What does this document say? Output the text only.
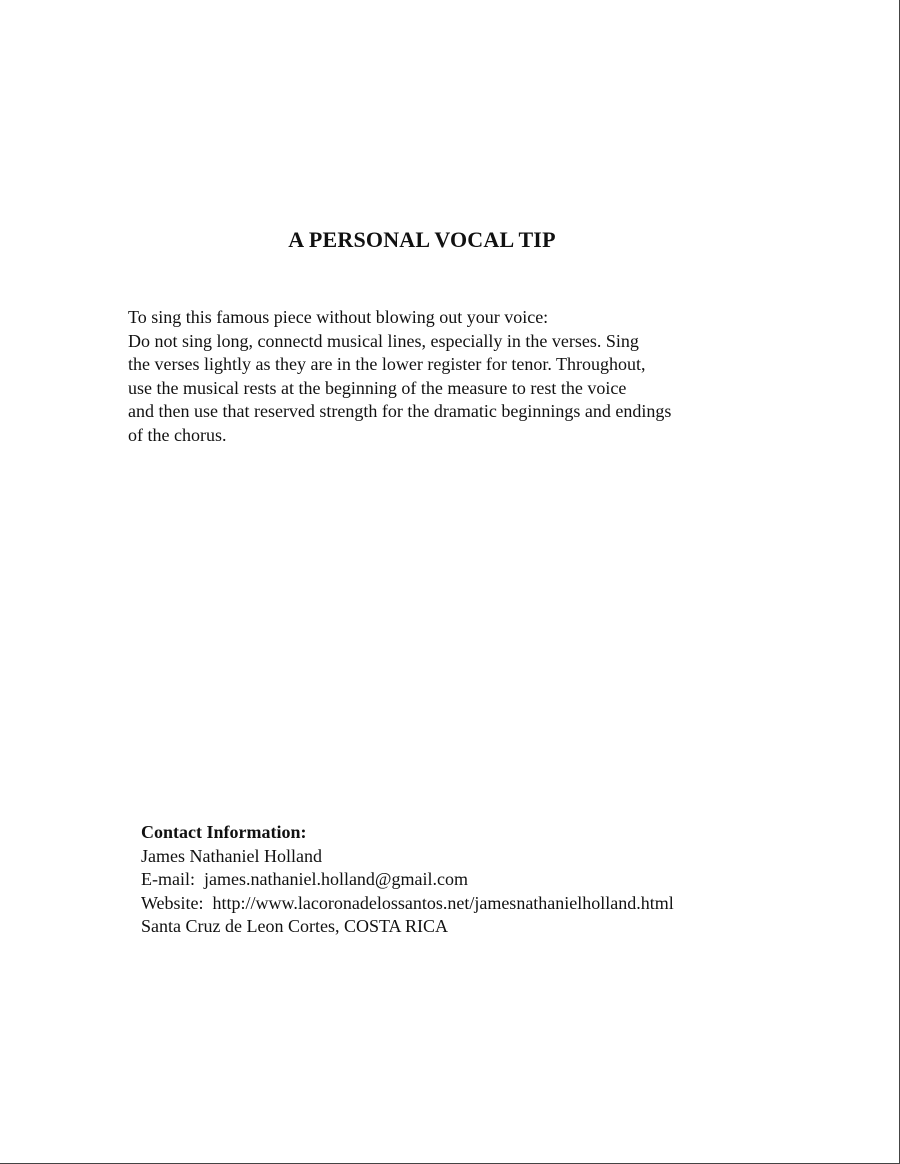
A PERSONAL VOCAL TIP
To sing this famous piece without blowing out your voice:
Do not sing long, connectd musical lines, especially in the verses. Sing
the verses lightly as they are in the lower register for tenor. Throughout,
use the musical rests at the beginning of the measure to rest the voice
and then use that reserved strength for the dramatic beginnings and endings
of the chorus.
Contact Information:
James Nathaniel Holland
E-mail: james.nathaniel.holland@gmail.com
Website: http://www.lacoronadelossantos.net/jamesnathanielholland.html
Santa Cruz de Leon Cortes, COSTA RICA
